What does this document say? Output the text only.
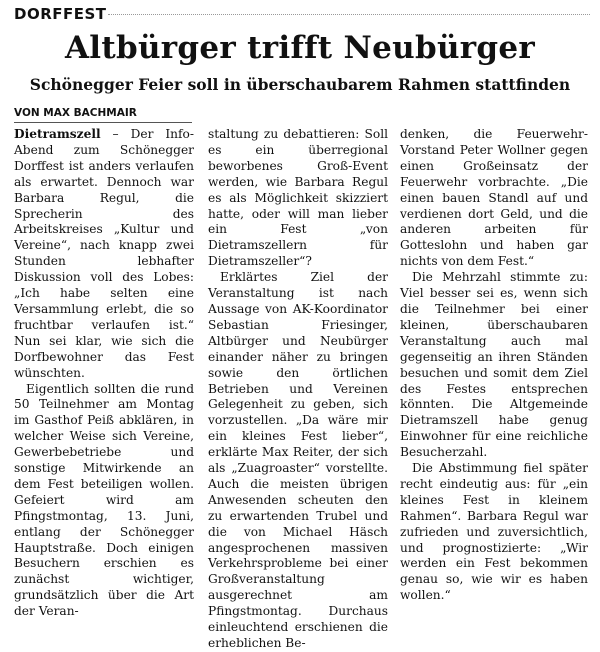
DORFFEST
Altbürger trifft Neubürger
Schönegger Feier soll in überschaubarem Rahmen stattfinden
VON MAX BACHMAIR

Dietramszell – Der Info-Abend zum Schönegger Dorffest ist anders verlaufen als erwartet. Dennoch war Barbara Regul, die Sprecherin des Arbeitskreises „Kultur und Vereine“, nach knapp zwei Stunden lebhafter Diskussion voll des Lobes: „Ich habe selten eine Versammlung erlebt, die so fruchtbar verlaufen ist.“ Nun sei klar, wie sich die Dorfbewohner das Fest wünschten.

Eigentlich sollten die rund 50 Teilnehmer am Montag im Gasthof Peiß abklären, in welcher Weise sich Vereine, Gewerbebetriebe und sonstige Mitwirkende an dem Fest beteiligen wollen. Gefeiert wird am Pfingstmontag, 13. Juni, entlang der Schönegger Hauptstraße. Doch einigen Besuchern erschien es zunächst wichtiger, grundsätzlich über die Art der Veran-

staltung zu debattieren: Soll es ein überregional beworbenes Groß-Event werden, wie Barbara Regul es als Möglichkeit skizziert hatte, oder will man lieber ein Fest „von Dietramszellern für Dietramszeller“?

Erklärtes Ziel der Veranstaltung ist nach Aussage von AK-Koordinator Sebastian Friesinger, Altbürger und Neubürger einander näher zu bringen sowie den örtlichen Betrieben und Vereinen Gelegenheit zu geben, sich vorzustellen. „Da wäre mir ein kleines Fest lieber“, erklärte Max Reiter, der sich als „Zuagroaster“ vorstellte. Auch die meisten übrigen Anwesenden scheuten den zu erwartenden Trubel und die von Michael Häsch angesprochenen massiven Verkehrsprobleme bei einer Großveranstaltung ausgerechnet am Pfingstmontag. Durchaus einleuchtend erschienen die erheblichen Be-

denken, die Feuerwehr-Vorstand Peter Wollner gegen einen Großeinsatz der Feuerwehr vorbrachte. „Die einen bauen Standl auf und verdienen dort Geld, und die anderen arbeiten für Gotteslohn und haben gar nichts von dem Fest.“

Die Mehrzahl stimmte zu: Viel besser sei es, wenn sich die Teilnehmer bei einer kleinen, überschaubaren Veranstaltung auch mal gegenseitig an ihren Ständen besuchen und somit dem Ziel des Festes entsprechen könnten. Die Altgemeinde Dietramszell habe genug Einwohner für eine reichliche Besucherzahl.

Die Abstimmung fiel später recht eindeutig aus: für „ein kleines Fest in kleinem Rahmen“. Barbara Regul war zufrieden und zuversichtlich, und prognostizierte: „Wir werden ein Fest bekommen genau so, wie wir es haben wollen.“
